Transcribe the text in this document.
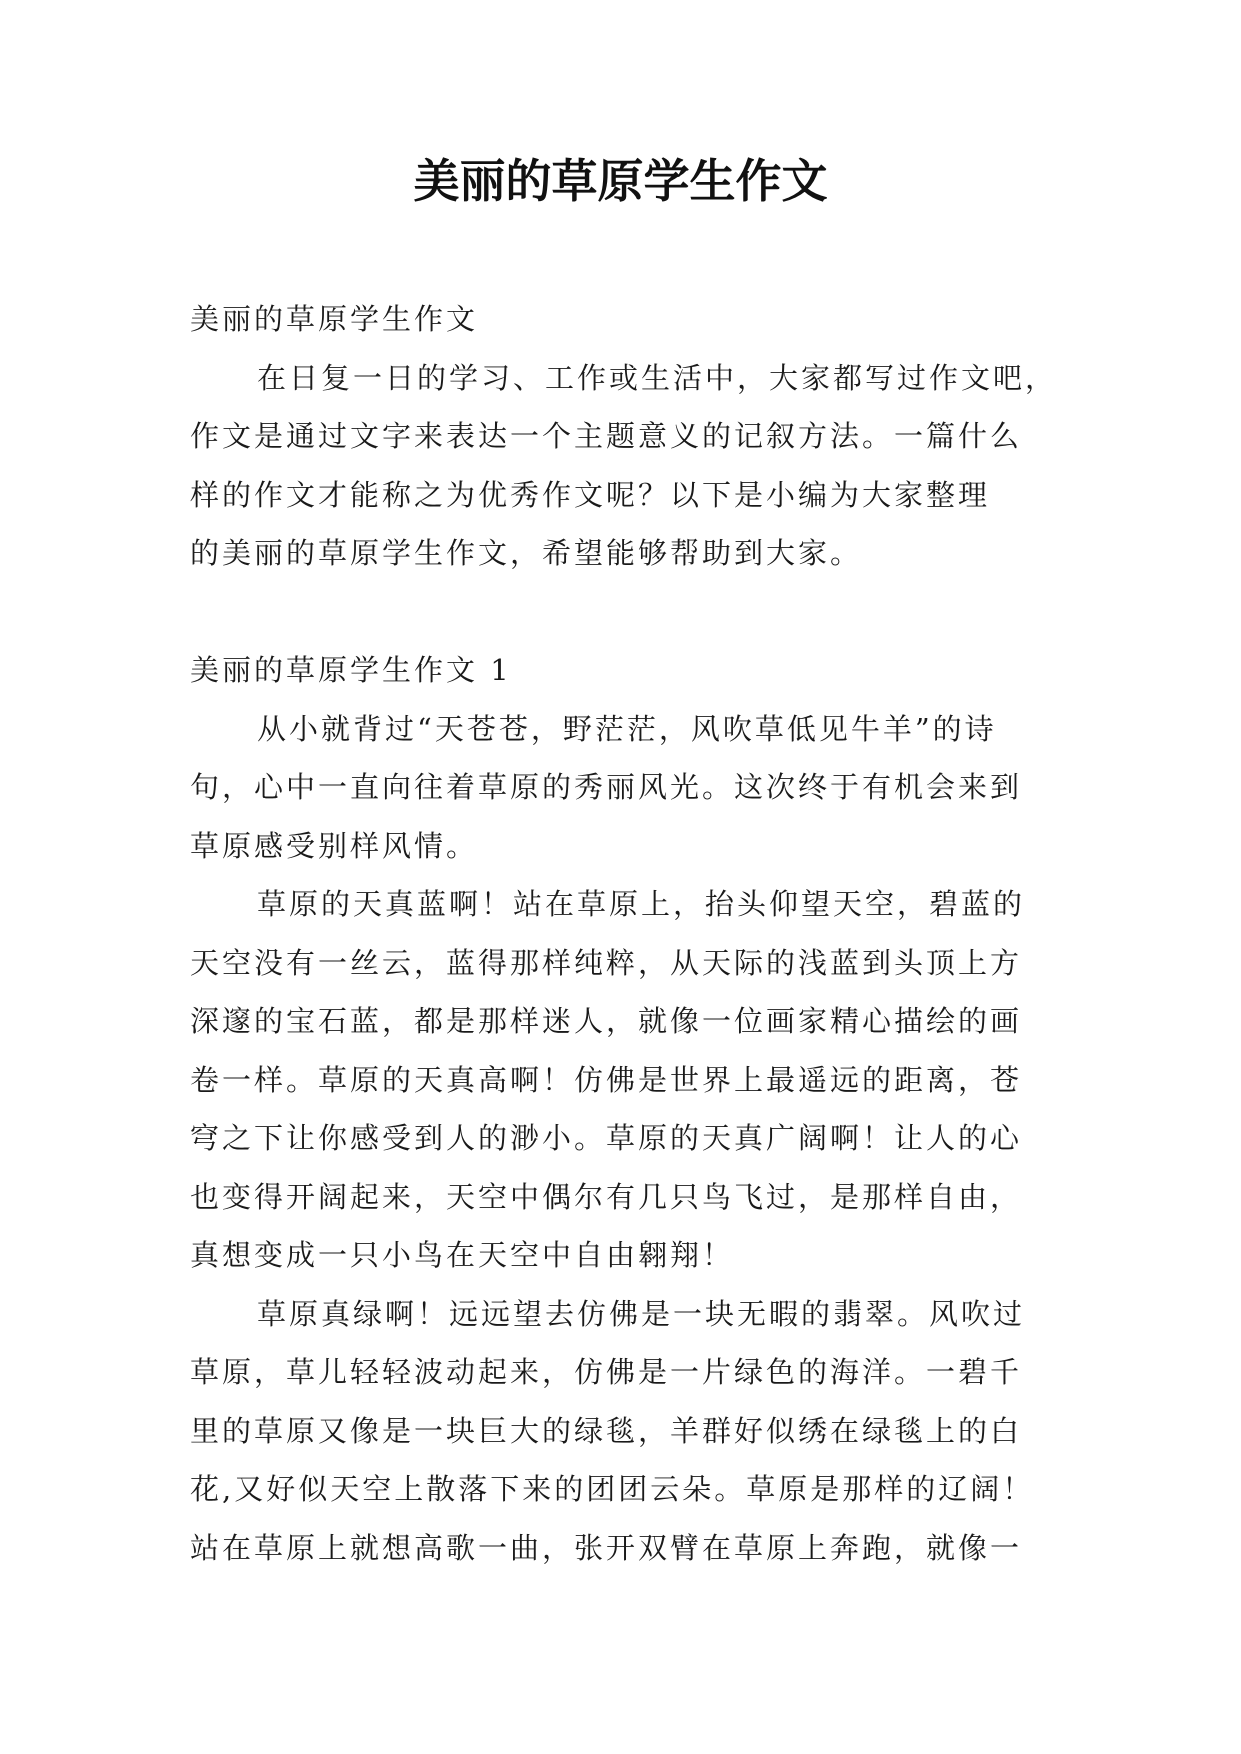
美丽的草原学生作文
美丽的草原学生作文
在日复一日的学习、工作或生活中，大家都写过作文吧，
作文是通过文字来表达一个主题意义的记叙方法。一篇什么
样的作文才能称之为优秀作文呢？以下是小编为大家整理
的美丽的草原学生作文，希望能够帮助到大家。
美丽的草原学生作文 1
从小就背过“天苍苍，野茫茫，风吹草低见牛羊”的诗
句，心中一直向往着草原的秀丽风光。这次终于有机会来到
草原感受别样风情。
草原的天真蓝啊！站在草原上，抬头仰望天空，碧蓝的
天空没有一丝云，蓝得那样纯粹，从天际的浅蓝到头顶上方
深邃的宝石蓝，都是那样迷人，就像一位画家精心描绘的画
卷一样。草原的天真高啊！仿佛是世界上最遥远的距离，苍
穹之下让你感受到人的渺小。草原的天真广阔啊！让人的心
也变得开阔起来，天空中偶尔有几只鸟飞过，是那样自由，
真想变成一只小鸟在天空中自由翱翔！
草原真绿啊！远远望去仿佛是一块无暇的翡翠。风吹过
草原，草儿轻轻波动起来，仿佛是一片绿色的海洋。一碧千
里的草原又像是一块巨大的绿毯，羊群好似绣在绿毯上的白
花,又好似天空上散落下来的团团云朵。草原是那样的辽阔！
站在草原上就想高歌一曲，张开双臂在草原上奔跑，就像一
